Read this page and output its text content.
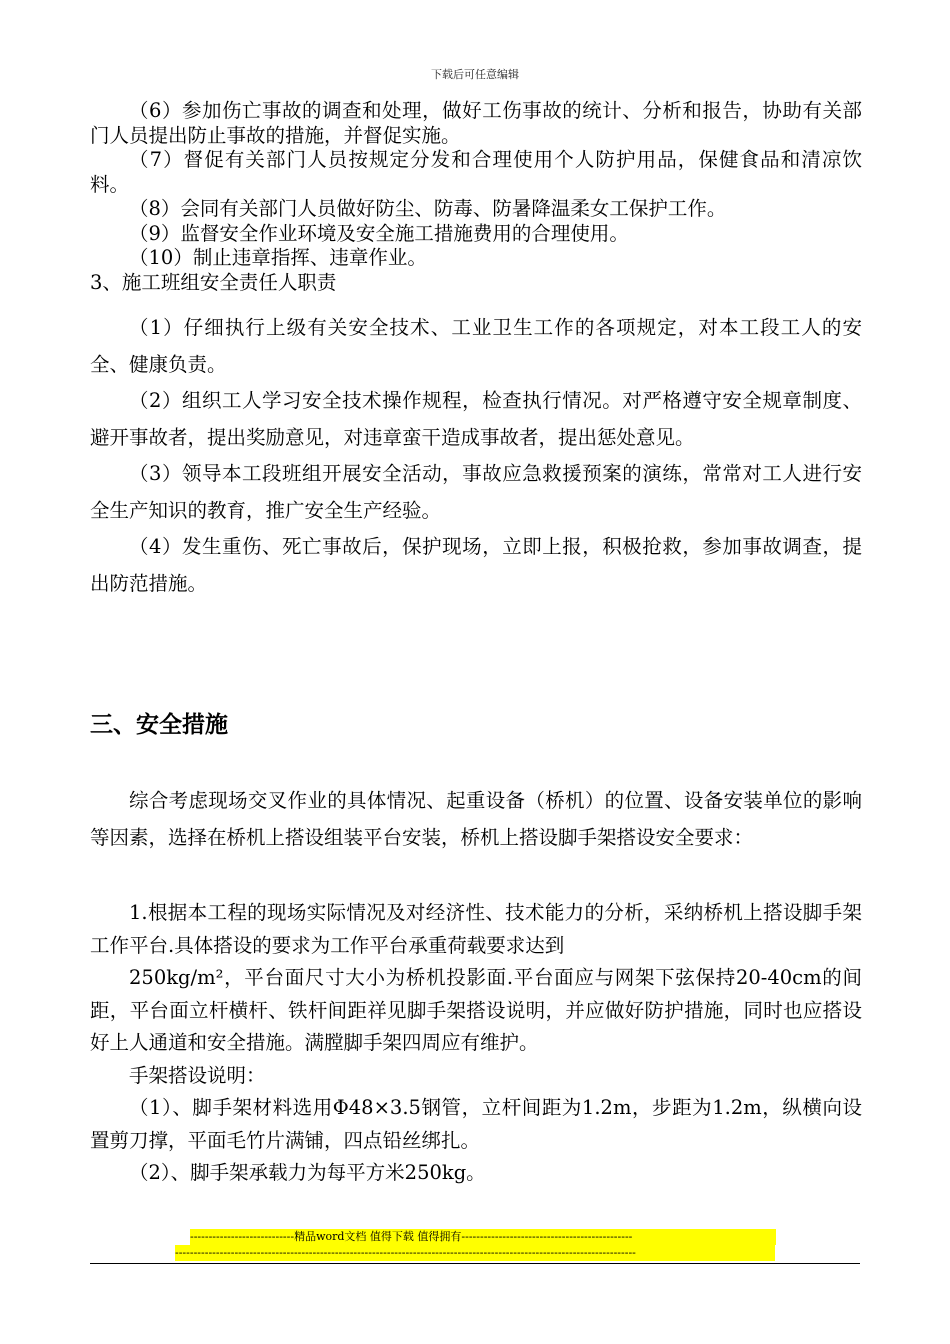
下载后可任意编辑

（6）参加伤亡事故的调查和处理，做好工伤事故的统计、分析和报告，协助有关部门人员提出防止事故的措施，并督促实施。

（7）督促有关部门人员按规定分发和合理使用个人防护用品，保健食品和清凉饮料。

（8）会同有关部门人员做好防尘、防毒、防暑降温柔女工保护工作。

（9）监督安全作业环境及安全施工措施费用的合理使用。

（10）制止违章指挥、违章作业。

3、施工班组安全责任人职责

（1）仔细执行上级有关安全技术、工业卫生工作的各项规定，对本工段工人的安全、健康负责。

（2）组织工人学习安全技术操作规程，检查执行情况。对严格遵守安全规章制度、避开事故者，提出奖励意见，对违章蛮干造成事故者，提出惩处意见。

（3）领导本工段班组开展安全活动，事故应急救援预案的演练，常常对工人进行安全生产知识的教育，推广安全生产经验。

（4）发生重伤、死亡事故后，保护现场，立即上报，积极抢救，参加事故调查，提出防范措施。

三、安全措施

综合考虑现场交叉作业的具体情况、起重设备（桥机）的位置、设备安装单位的影响等因素，选择在桥机上搭设组装平台安装，桥机上搭设脚手架搭设安全要求：

1.根据本工程的现场实际情况及对经济性、技术能力的分析，采纳桥机上搭设脚手架工作平台.具体搭设的要求为工作平台承重荷载要求达到

250kg/m²，平台面尺寸大小为桥机投影面.平台面应与网架下弦保持20-40cm的间距，平台面立杆横杆、铁杆间距祥见脚手架搭设说明，并应做好防护措施，同时也应搭设好上人通道和安全措施。满膛脚手架四周应有维护。

手架搭设说明：

（1）、脚手架材料选用Φ48×3.5钢管，立杆间距为1.2m，步距为1.2m，纵横向设置剪刀撑，平面毛竹片满铺，四点铅丝绑扎。

（2）、脚手架承载力为每平方米250kg。

----------------------------精品word文档 值得下载 值得拥有----------------------------------------------
----------------------------------------------------------------------------------------------------------------------------
